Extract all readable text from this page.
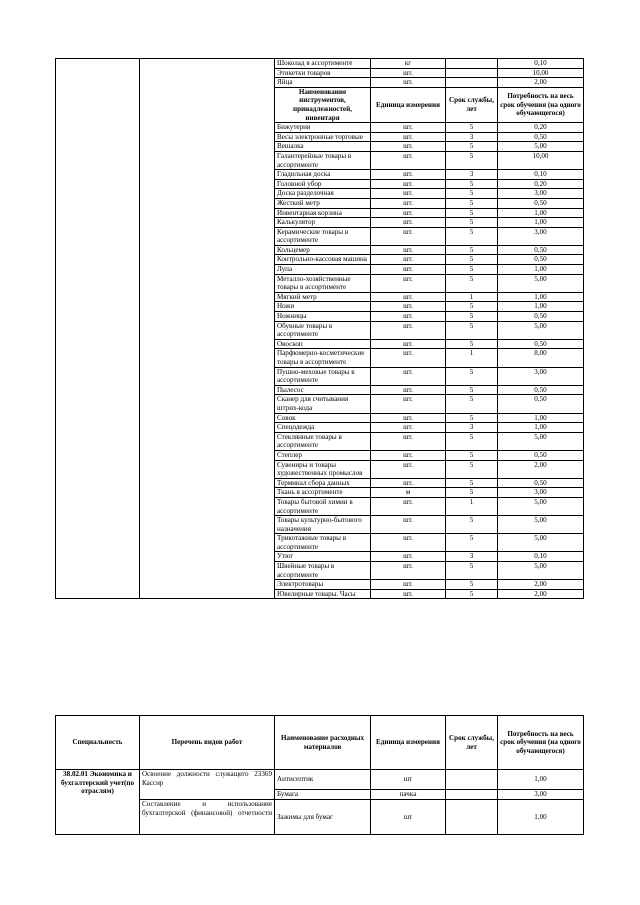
		Шоколад в ассортименте	кг		0,10
		Этикетки товаров	шт.		10,00
		Яйца	шт.		2,00
		Наименование инструментов, принадлежностей, инвентаря	Единица измерения	Срок службы, лет	Потребность на весь срок обучения (на одного обучающегося)
		Бижутерия	шт.	5	0,20
		Весы электронные торговые	шт.	3	0,50
		Вешалка	шт.	5	5,00
		Галантерейные товары в ассортименте	шт.	5	10,00
		Гладильная доска	шт.	3	0,10
		Головной убор	шт.	5	0,20
		Доска разделочная	шт.	5	3,00
		Жесткий метр	шт.	5	0,50
		Инвентарная корзина	шт.	5	1,00
		Калькулятор	шт.	5	1,00
		Керамические товары в ассортименте	шт.	5	3,00
		Кольцемер	шт.	5	0,50
		Контрольно-кассовая машина	шт.	5	0,50
		Лупа	шт.	5	1,00
		Металло-хозяйственные товары в ассортименте	шт.	5	5,00
		Мягкий метр	шт.	1	1,00
		Ножи	шт.	5	1,00
		Ножницы	шт.	5	0,50
		Обувные товары в ассортименте	шт.	5	5,00
		Овоскоп	шт.	5	0,50
		Парфюмерно-косметические товары в ассортименте	шт.	1	8,00
		Пушно-меховые товары в ассортименте	шт.	5	3,00
		Пылесос	шт.	5	0,50
		Сканер для считывания штрих-кода	шт.	5	0,50
		Совок	шт.	5	1,00
		Спецодежда	шт.	3	1,00
		Стеклянные товары в ассортименте	шт.	5	5,00
		Степлер	шт.	5	0,50
		Сувениры и товары художественных промыслов	шт.	5	2,00
		Терминал сбора данных	шт.	5	0,50
		Ткань в ассортименте	м	5	3,00
		Товары бытовой химии в ассортименте	шт.	1	5,00
		Товары культурно-бытового назначения	шт.	5	5,00
		Трикотажные товары в ассортименте	шт.	5	5,00
		Утюг	шт.	3	0,10
		Швейные товары в ассортименте	шт.	5	5,00
		Электротовары	шт.	5	2,00
		Ювелирные товары. Часы	шт.	5	2,00
Специальность	Перечень видов работ	Наименование расходных материалов	Единица измерения	Срок службы, лет	Потребность на весь срок обучения (на одного обучающегося)
38.02.01 Экономика и бухгалтерский учет(по отраслям)	Освоение должности служащего 23369 Кассир	Антисептик	шт		1,00
		Бумага	пачка		3,00
	Составление и использование бухгалтерской (финансовой) отчетности	Зажимы для бумаг	шт		1,00
